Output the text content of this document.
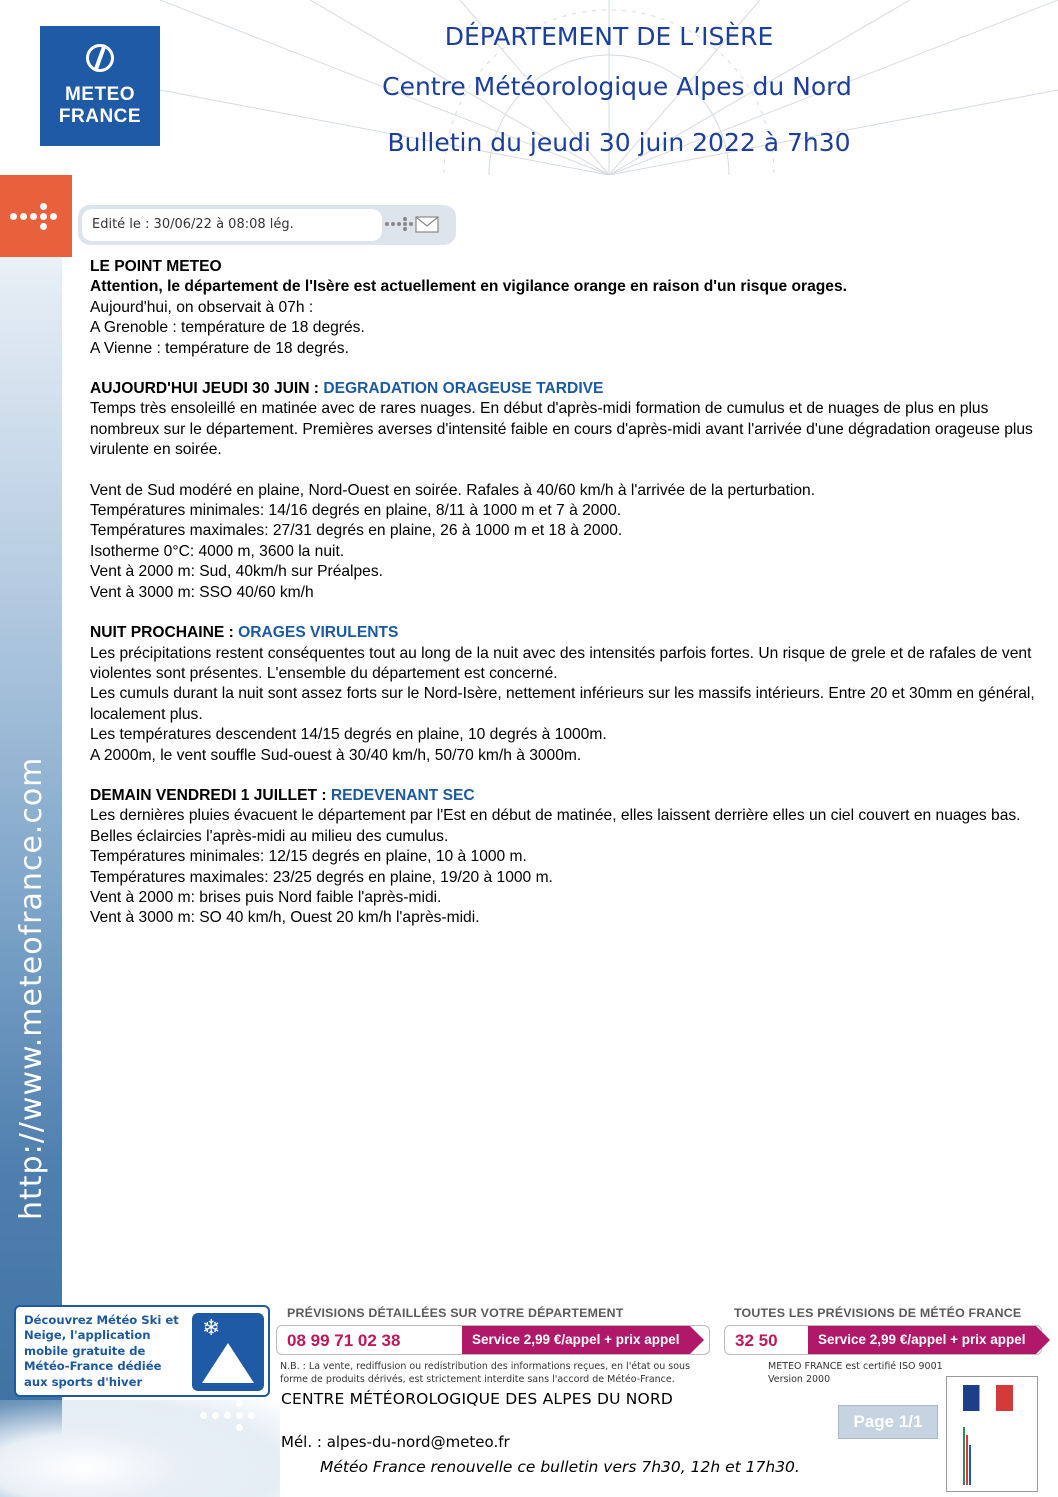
METEO
FRANCE
DÉPARTEMENT DE L’ISÈRE
Centre Météorologique Alpes du Nord
Bulletin du jeudi 30 juin 2022 à 7h30
http://www.meteofrance.com
Edité le : 30/06/22 à 08:08 lég.

LE POINT METEO

Attention, le département de l'Isère est actuellement en vigilance orange en raison d'un risque orages.

Aujourd'hui, on observait à 07h :

A Grenoble : température de 18 degrés.

A Vienne : température de 18 degrés.

AUJOURD'HUI JEUDI 30 JUIN : DEGRADATION ORAGEUSE TARDIVE

Temps très ensoleillé en matinée avec de rares nuages. En début d'après-midi formation de cumulus et de nuages de plus en plus nombreux sur le département. Premières averses d'intensité faible en cours d'après-midi avant l'arrivée d'une dégradation orageuse plus virulente en soirée.

Vent de Sud modéré en plaine, Nord-Ouest en soirée. Rafales à 40/60 km/h à l'arrivée de la perturbation.

Températures minimales: 14/16 degrés en plaine, 8/11 à 1000 m et 7 à 2000.

Températures maximales: 27/31 degrés en plaine, 26 à 1000 m et 18 à 2000.

Isotherme 0°C: 4000 m, 3600 la nuit.

Vent à 2000 m: Sud, 40km/h sur Préalpes.

Vent à 3000 m: SSO 40/60 km/h

NUIT PROCHAINE : ORAGES VIRULENTS

Les précipitations restent conséquentes tout au long de la nuit avec des intensités parfois fortes. Un risque de grele et de rafales de vent violentes sont présentes. L'ensemble du département est concerné.

Les cumuls durant la nuit sont assez forts sur le Nord-Isère, nettement inférieurs sur les massifs intérieurs. Entre 20 et 30mm en général, localement plus.

Les températures descendent 14/15 degrés en plaine, 10 degrés à 1000m.

A 2000m, le vent souffle Sud-ouest à 30/40 km/h, 50/70 km/h à 3000m.

DEMAIN VENDREDI 1 JUILLET : REDEVENANT SEC

Les dernières pluies évacuent le département par l'Est en début de matinée, elles laissent derrière elles un ciel couvert en nuages bas. Belles éclaircies l'après-midi au milieu des cumulus.

Températures minimales: 12/15 degrés en plaine, 10 à 1000 m.

Températures maximales: 23/25 degrés en plaine, 19/20 à 1000 m.

Vent à 2000 m: brises puis Nord faible l'après-midi.

Vent à 3000 m: SO 40 km/h, Ouest 20 km/h l'après-midi.

Découvrez Météo Ski et Neige, l'application mobile gratuite de Météo-France dédiée aux sports d'hiver
❄
PRÉVISIONS DÉTAILLÉES SUR VOTRE DÉPARTEMENT
08 99 71 02 38	Service 2,99 €/appel + prix appel
TOUTES LES PRÉVISIONS DE MÉTÉO FRANCE
32 50	Service 2,99 €/appel + prix appel
N.B. : La vente, rediffusion ou redistribution des informations reçues, en l'état ou sous forme de produits dérivés, est strictement interdite sans l'accord de Météo-France.
METEO FRANCE est certifié ISO 9001
Version 2000
CENTRE MÉTÉOROLOGIQUE DES ALPES DU NORD
Page 1/1
Mél. : alpes-du-nord@meteo.fr
Météo France renouvelle ce bulletin vers 7h30, 12h et 17h30.
